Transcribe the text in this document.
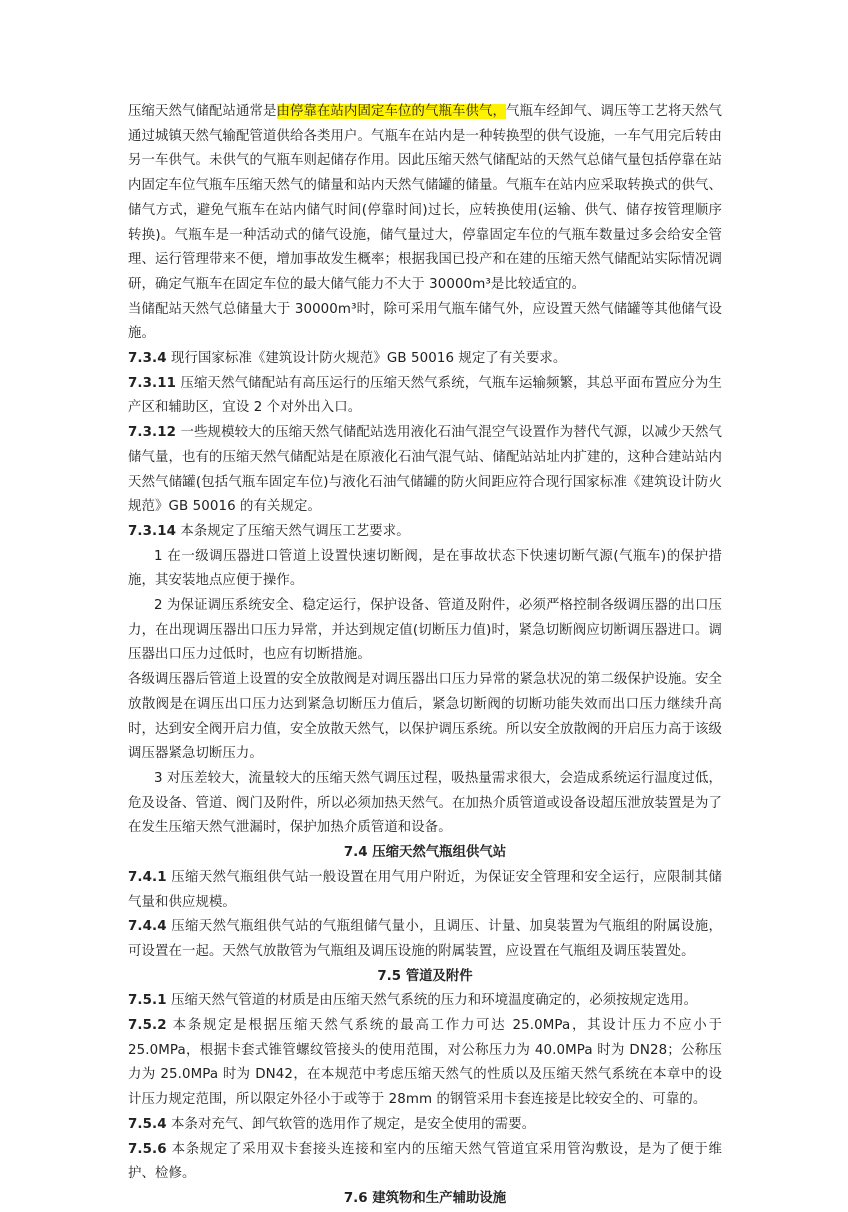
压缩天然气储配站通常是由停靠在站内固定车位的气瓶车供气，气瓶车经卸气、调压等工艺将天然气通过城镇天然气输配管道供给各类用户。气瓶车在站内是一种转换型的供气设施，一车气用完后转由另一车供气。未供气的气瓶车则起储存作用。因此压缩天然气储配站的天然气总储气量包括停靠在站内固定车位气瓶车压缩天然气的储量和站内天然气储罐的储量。气瓶车在站内应采取转换式的供气、储气方式，避免气瓶车在站内储气时间(停靠时间)过长，应转换使用(运输、供气、储存按管理顺序转换)。气瓶车是一种活动式的储气设施，储气量过大，停靠固定车位的气瓶车数量过多会给安全管理、运行管理带来不便，增加事故发生概率；根据我国已投产和在建的压缩天然气储配站实际情况调研，确定气瓶车在固定车位的最大储气能力不大于 30000m³是比较适宜的。

当储配站天然气总储量大于 30000m³时，除可采用气瓶车储气外，应设置天然气储罐等其他储气设施。

7.3.4 现行国家标准《建筑设计防火规范》GB 50016 规定了有关要求。

7.3.11 压缩天然气储配站有高压运行的压缩天然气系统，气瓶车运输频繁，其总平面布置应分为生产区和辅助区，宜设 2 个对外出入口。

7.3.12 一些规模较大的压缩天然气储配站选用液化石油气混空气设置作为替代气源，以减少天然气储气量，也有的压缩天然气储配站是在原液化石油气混气站、储配站站址内扩建的，这种合建站站内天然气储罐(包括气瓶车固定车位)与液化石油气储罐的防火间距应符合现行国家标准《建筑设计防火规范》GB 50016 的有关规定。

7.3.14 本条规定了压缩天然气调压工艺要求。

1 在一级调压器进口管道上设置快速切断阀，是在事故状态下快速切断气源(气瓶车)的保护措施，其安装地点应便于操作。

2 为保证调压系统安全、稳定运行，保护设备、管道及附件，必须严格控制各级调压器的出口压力，在出现调压器出口压力异常，并达到规定值(切断压力值)时，紧急切断阀应切断调压器进口。调压器出口压力过低时，也应有切断措施。

各级调压器后管道上设置的安全放散阀是对调压器出口压力异常的紧急状况的第二级保护设施。安全放散阀是在调压出口压力达到紧急切断压力值后，紧急切断阀的切断功能失效而出口压力继续升高时，达到安全阀开启力值，安全放散天然气，以保护调压系统。所以安全放散阀的开启压力高于该级调压器紧急切断压力。

3 对压差较大，流量较大的压缩天然气调压过程，吸热量需求很大，会造成系统运行温度过低，危及设备、管道、阀门及附件，所以必须加热天然气。在加热介质管道或设备设超压泄放装置是为了在发生压缩天然气泄漏时，保护加热介质管道和设备。

7.4 压缩天然气瓶组供气站

7.4.1 压缩天然气瓶组供气站一般设置在用气用户附近，为保证安全管理和安全运行，应限制其储气量和供应规模。

7.4.4 压缩天然气瓶组供气站的气瓶组储气量小，且调压、计量、加臭装置为气瓶组的附属设施，可设置在一起。天然气放散管为气瓶组及调压设施的附属装置，应设置在气瓶组及调压装置处。

7.5 管道及附件

7.5.1 压缩天然气管道的材质是由压缩天然气系统的压力和环境温度确定的，必须按规定选用。

7.5.2 本条规定是根据压缩天然气系统的最高工作力可达 25.0MPa，其设计压力不应小于 25.0MPa，根据卡套式锥管螺纹管接头的使用范围，对公称压力为 40.0MPa 时为 DN28；公称压力为 25.0MPa 时为 DN42，在本规范中考虑压缩天然气的性质以及压缩天然气系统在本章中的设计压力规定范围，所以限定外径小于或等于 28mm 的钢管采用卡套连接是比较安全的、可靠的。

7.5.4 本条对充气、卸气软管的选用作了规定，是安全使用的需要。

7.5.6 本条规定了采用双卡套接头连接和室内的压缩天然气管道宜采用管沟敷设，是为了便于维护、检修。

7.6 建筑物和生产辅助设施
